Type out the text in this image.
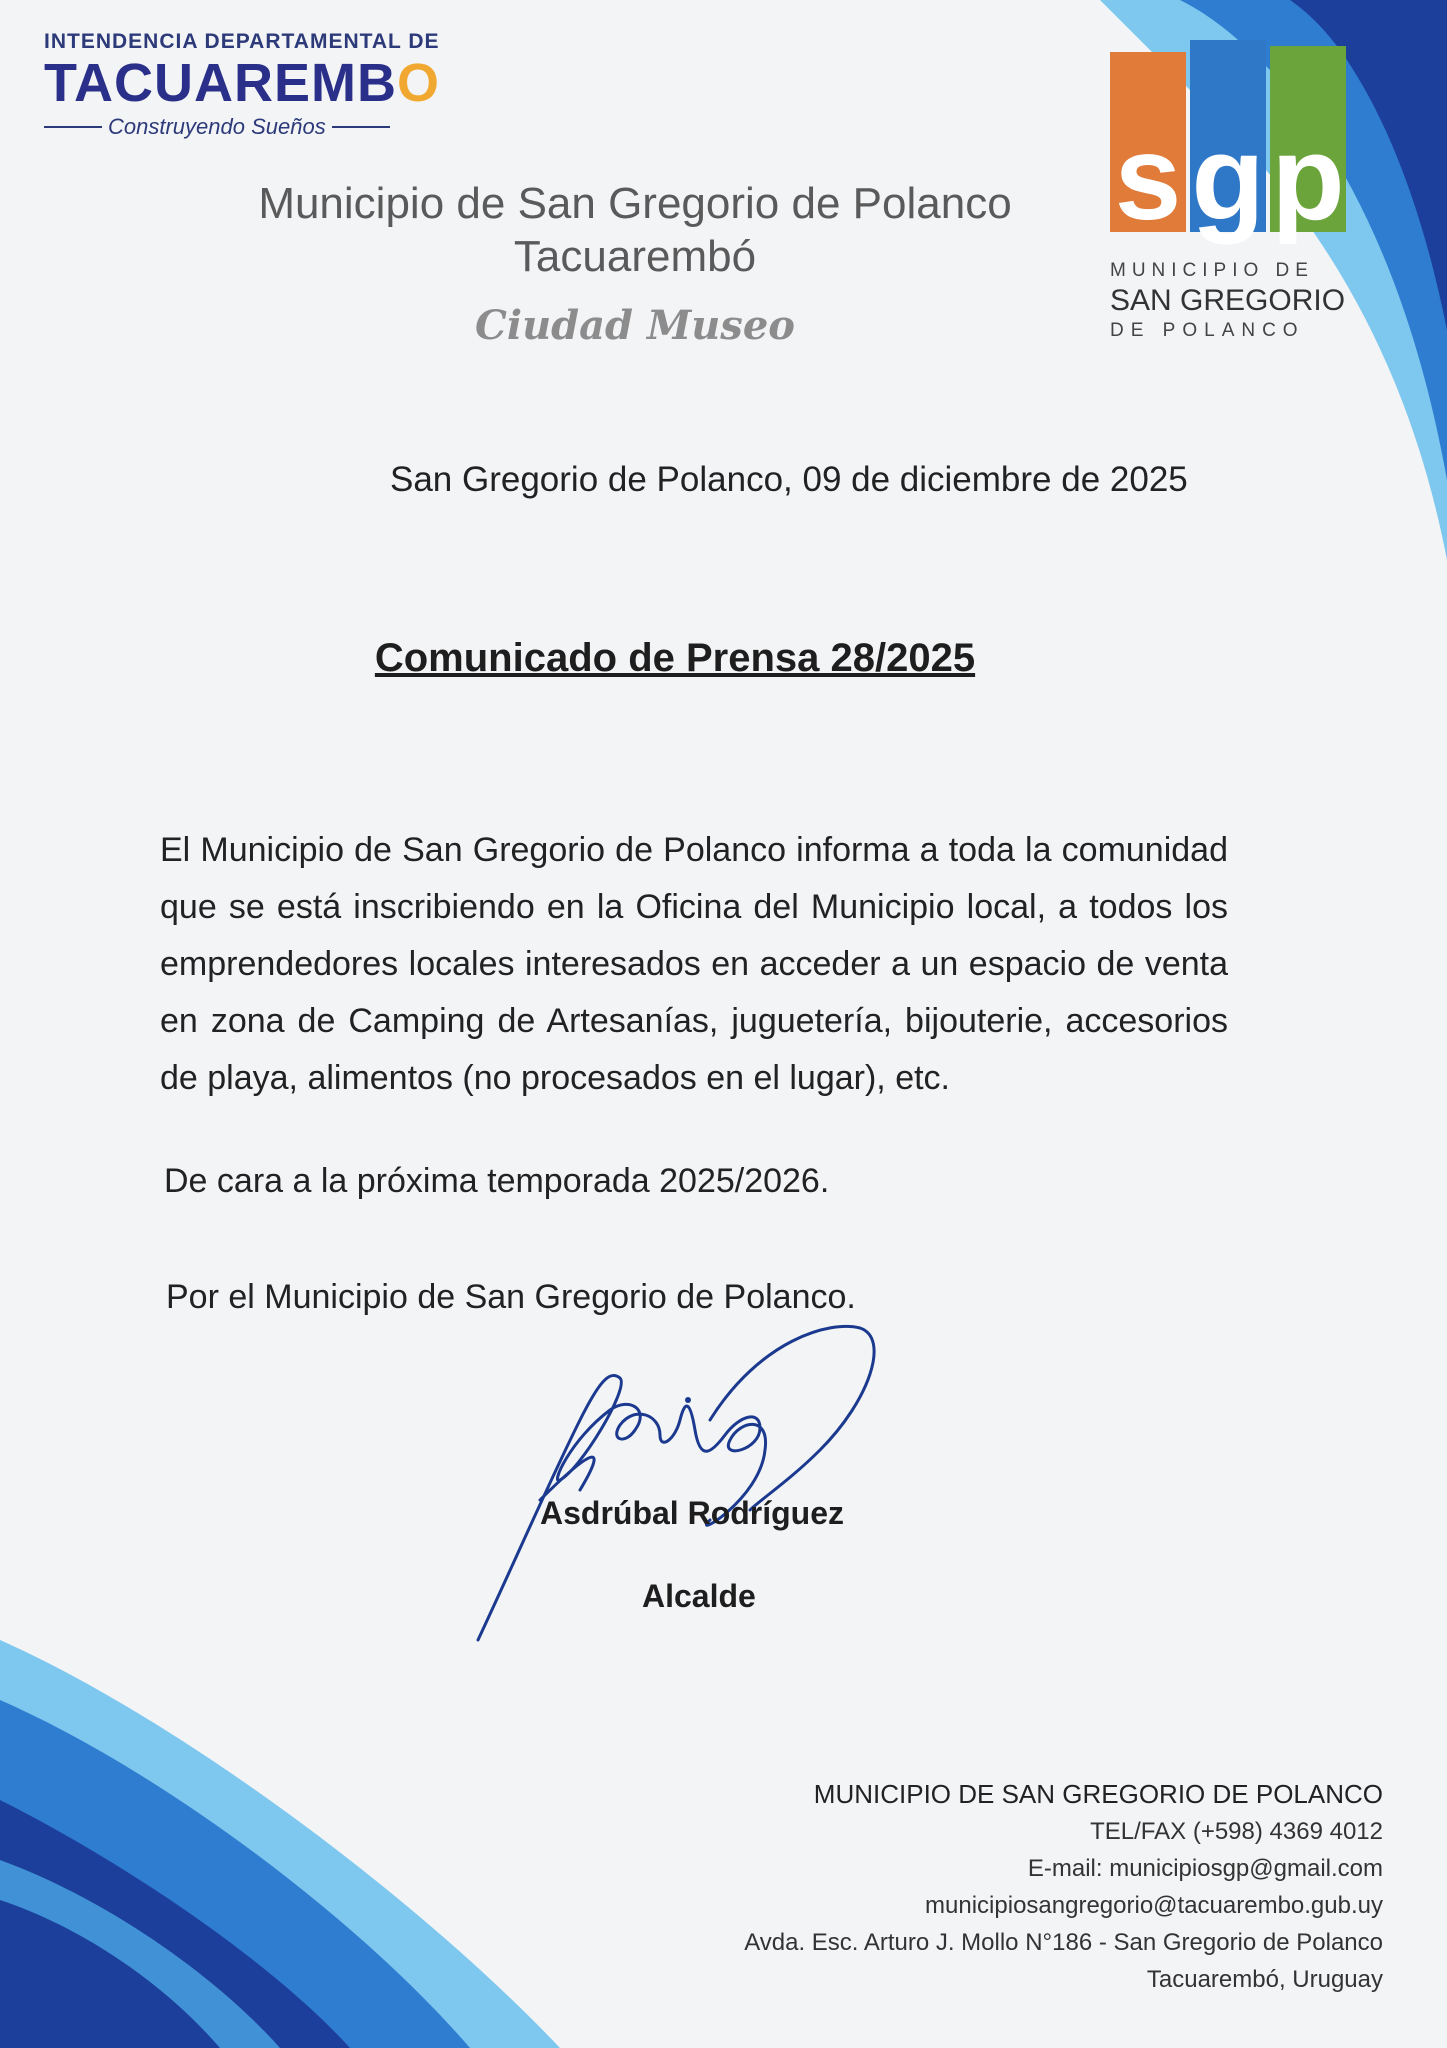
INTENDENCIA DEPARTAMENTAL DE
TACUAREMBO
Construyendo Sueños
Municipio de San Gregorio de Polanco
Tacuarembó
Ciudad Museo
s g p
MUNICIPIO DE
SAN GREGORIO
DE POLANCO
San Gregorio de Polanco, 09 de diciembre de 2025
Comunicado de Prensa 28/2025
El Municipio de San Gregorio de Polanco informa a toda la comunidad que se está inscribiendo en la Oficina del Municipio local, a todos los emprendedores locales interesados en acceder a un espacio de venta en zona de Camping de Artesanías, juguetería, bijouterie, accesorios de playa, alimentos (no procesados en el lugar), etc.
De cara a la próxima temporada 2025/2026.
Por el Municipio de San Gregorio de Polanco.
Asdrúbal Rodríguez
Alcalde
MUNICIPIO DE SAN GREGORIO DE POLANCO
TEL/FAX (+598) 4369 4012
E-mail: municipiosgp@gmail.com
municipiosangregorio@tacuarembo.gub.uy
Avda. Esc. Arturo J. Mollo N°186 - San Gregorio de Polanco
Tacuarembó, Uruguay
